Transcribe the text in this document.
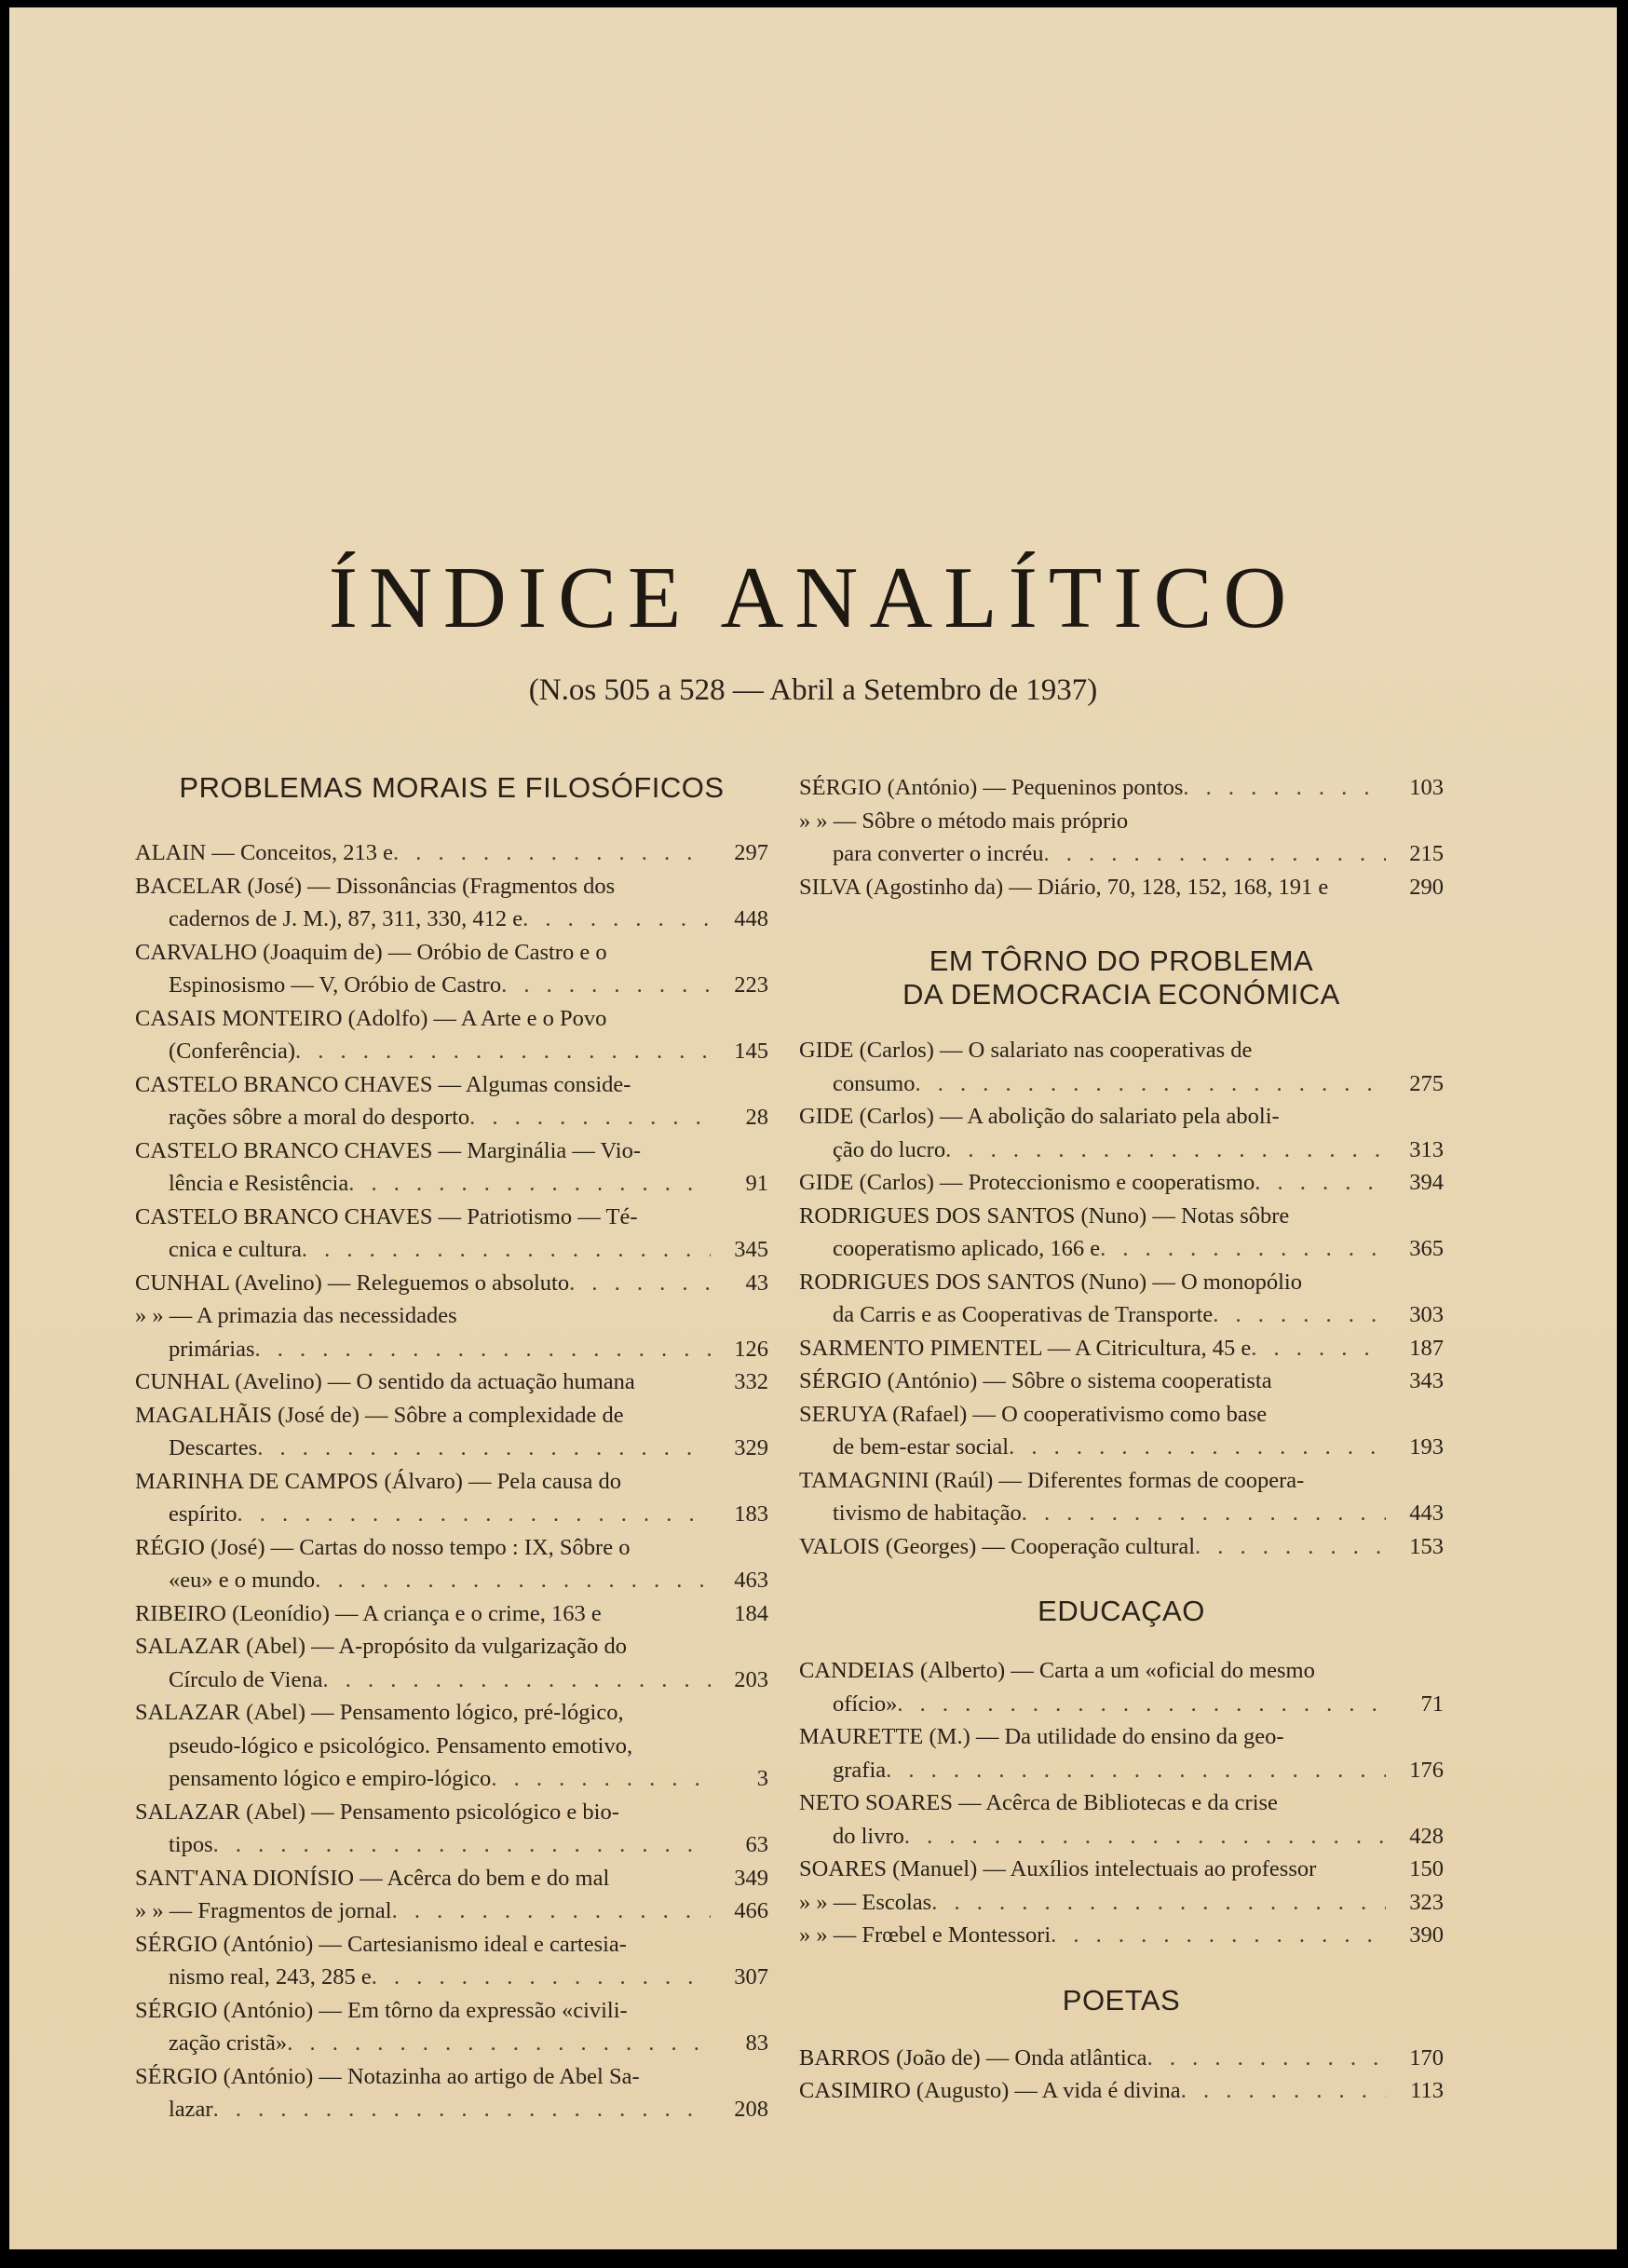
ÍNDICE ANALÍTICO
(N.os 505 a 528 — Abril a Setembro de 1937)
PROBLEMAS MORAIS E FILOSÓFICOS
ALAIN — Conceitos, 213 e . . .	297
BACELAR (José) — Dissonâncias (Fragmentos dos
cadernos de J. M.), 87, 311, 330, 412 e . . .	448
CARVALHO (Joaquim de) — Oróbio de Castro e o
Espinosismo — V, Oróbio de Castro . . .	223
CASAIS MONTEIRO (Adolfo) — A Arte e o Povo
(Conferência) . . .	145
CASTELO BRANCO CHAVES — Algumas conside-
rações sôbre a moral do desporto . . .	28
CASTELO BRANCO CHAVES — Marginália — Vio-
lência e Resistência . . .	91
CASTELO BRANCO CHAVES — Patriotismo — Té-
cnica e cultura . . .	345
CUNHAL (Avelino) — Releguemos o absoluto . . .	43
» » — A primazia das necessidades
primárias . . .	126
CUNHAL (Avelino) — O sentido da actuação humana	332
MAGALHÃIS (José de) — Sôbre a complexidade de
Descartes . . .	329
MARINHA DE CAMPOS (Álvaro) — Pela causa do
espírito . . .	183
RÉGIO (José) — Cartas do nosso tempo : IX, Sôbre o
«eu» e o mundo . . .	463
RIBEIRO (Leonídio) — A criança e o crime, 163 e	184
SALAZAR (Abel) — A-propósito da vulgarização do
Círculo de Viena . . .	203
SALAZAR (Abel) — Pensamento lógico, pré-lógico,
pseudo-lógico e psicológico. Pensamento emotivo,
pensamento lógico e empiro-lógico . . .	3
SALAZAR (Abel) — Pensamento psicológico e bio-
tipos . . .	63
SANT'ANA DIONÍSIO — Acêrca do bem e do mal	349
» » — Fragmentos de jornal . . .	466
SÉRGIO (António) — Cartesianismo ideal e cartesia-
nismo real, 243, 285 e . . .	307
SÉRGIO (António) — Em tôrno da expressão «civili-
zação cristã» . . .	83
SÉRGIO (António) — Notazinha ao artigo de Abel Sa-
lazar . . .	208
SÉRGIO (António) — Pequeninos pontos . . .	103
» » — Sôbre o método mais próprio
para converter o incréu . . .	215
SILVA (Agostinho da) — Diário, 70, 128, 152, 168, 191 e	290
EM TÔRNO DO PROBLEMA
DA DEMOCRACIA ECONÓMICA
GIDE (Carlos) — O salariato nas cooperativas de
consumo . . .	275
GIDE (Carlos) — A abolição do salariato pela aboli-
ção do lucro . . .	313
GIDE (Carlos) — Proteccionismo e cooperatismo . . .	394
RODRIGUES DOS SANTOS (Nuno) — Notas sôbre
cooperatismo aplicado, 166 e . . .	365
RODRIGUES DOS SANTOS (Nuno) — O monopólio
da Carris e as Cooperativas de Transporte . . .	303
SARMENTO PIMENTEL — A Citricultura, 45 e . . .	187
SÉRGIO (António) — Sôbre o sistema cooperatista	343
SERUYA (Rafael) — O cooperativismo como base
de bem-estar social . . .	193
TAMAGNINI (Raúl) — Diferentes formas de coopera-
tivismo de habitação . . .	443
VALOIS (Georges) — Cooperação cultural . . .	153
EDUCAÇAO
CANDEIAS (Alberto) — Carta a um «oficial do mesmo
ofício» . . .	71
MAURETTE (M.) — Da utilidade do ensino da geo-
grafia . . .	176
NETO SOARES — Acêrca de Bibliotecas e da crise
do livro . . .	428
SOARES (Manuel) — Auxílios intelectuais ao professor	150
» » — Escolas . . .	323
» » — Frœbel e Montessori . . .	390
POETAS
BARROS (João de) — Onda atlântica . . .	170
CASIMIRO (Augusto) — A vida é divina . . .	113
